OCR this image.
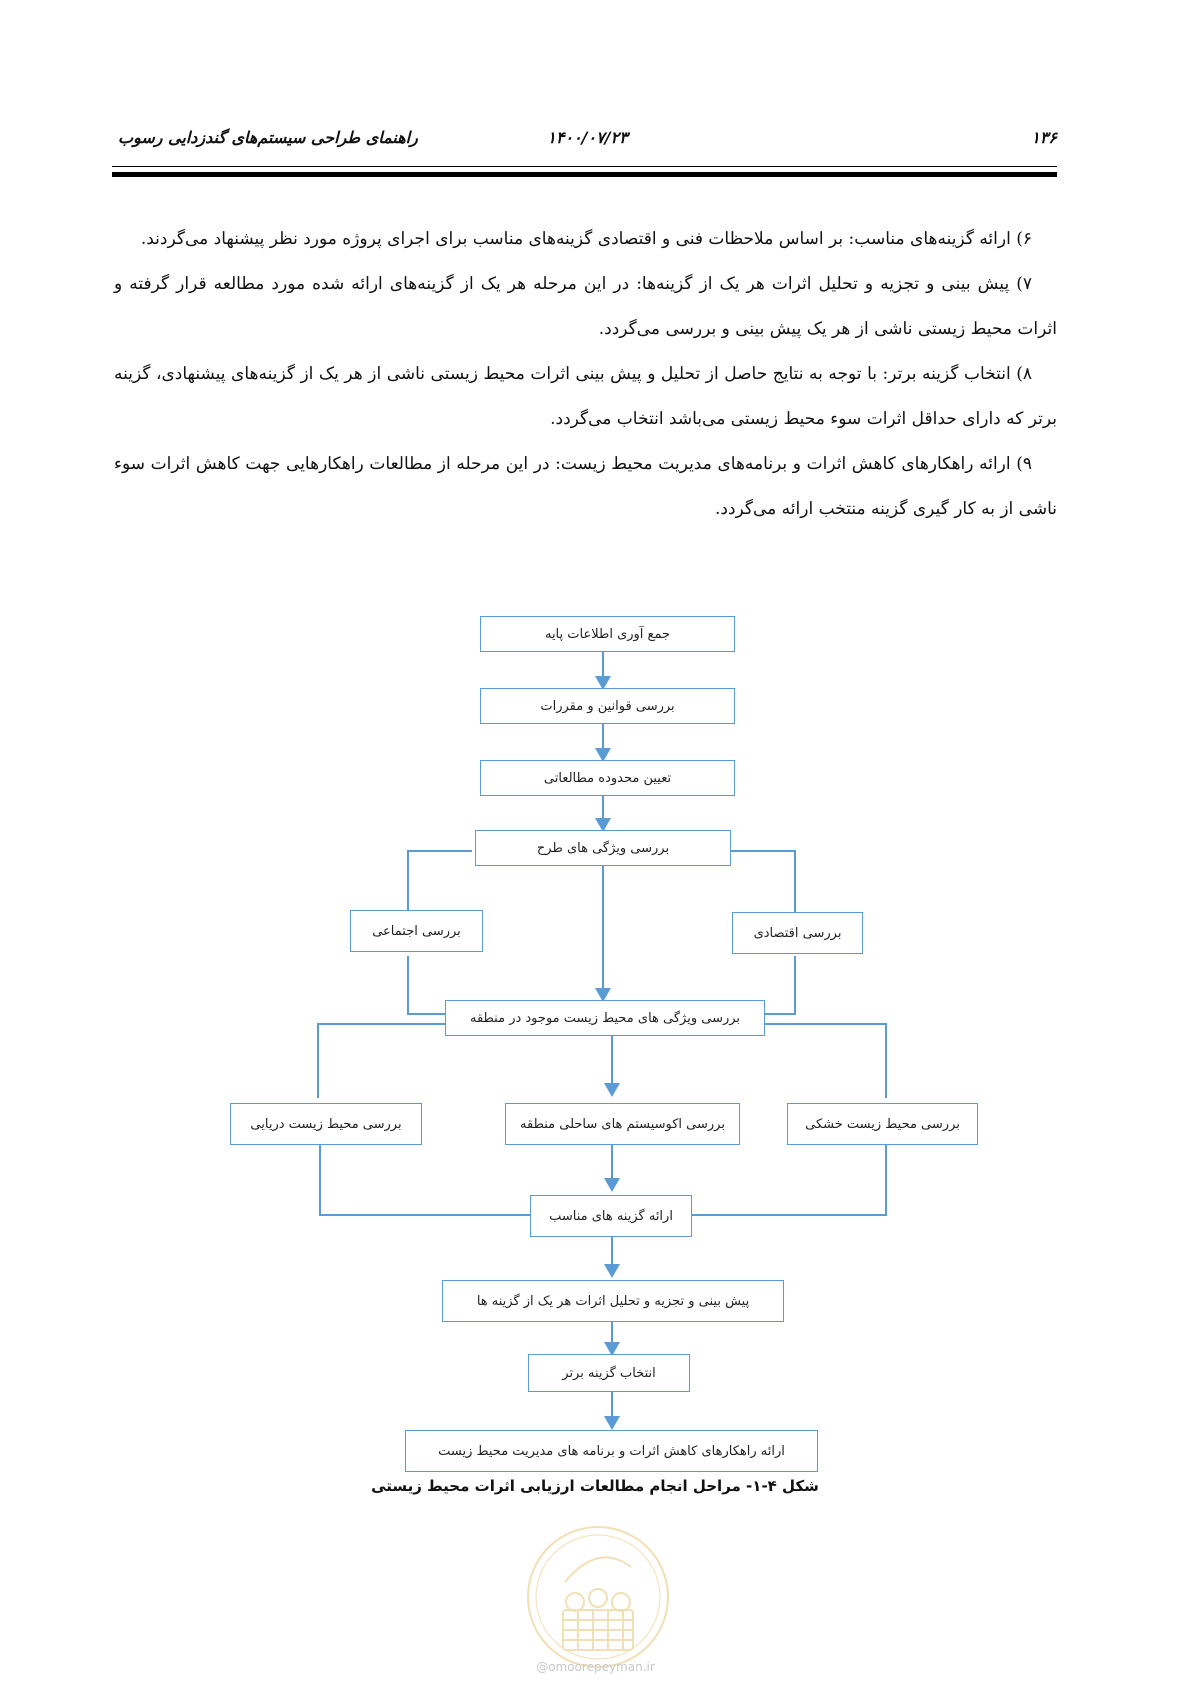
راهنمای طراحی سیستم‌های گندزدایی رسوب	۱۴۰۰/۰۷/۲۳	۱۳۶

۶) ارائه گزینه‌های مناسب: بر اساس ملاحظات فنی و اقتصادی گزینه‌های مناسب برای اجرای پروژه مورد نظر پیشنهاد می‌گردند.

۷) پیش بینی و تجزیه و تحلیل اثرات هر یک از گزینه‌ها: در این مرحله هر یک از گزینه‌های ارائه شده مورد مطالعه قرار گرفته و اثرات محیط زیستی ناشی از هر یک پیش بینی و بررسی می‌گردد.

۸) انتخاب گزینه برتر: با توجه به نتایج حاصل از تحلیل و پیش بینی اثرات محیط زیستی ناشی از هر یک از گزینه‌های پیشنهادی، گزینه برتر که دارای حداقل اثرات سوء محیط زیستی می‌باشد انتخاب می‌گردد.

۹) ارائه راهکارهای کاهش اثرات و برنامه‌های مدیریت محیط زیست: در این مرحله از مطالعات راهکارهایی جهت کاهش اثرات سوء ناشی از به کار گیری گزینه منتخب ارائه می‌گردد.

جمع آوری اطلاعات پایه
بررسی قوانین و مقررات
تعیین محدوده مطالعاتی
بررسی ویژگی های طرح
بررسی اجتماعی	بررسی اقتصادی
بررسی ویژگی های محیط زیست موجود در منطقه
بررسی محیط زیست دریایی	بررسی اکوسیستم های ساحلی منطقه	بررسی محیط زیست خشکی
ارائه گزینه های مناسب
پیش بینی و تجزیه و تحلیل اثرات هر یک از گزینه ها
انتخاب گزینه برتر
ارائه راهکارهای کاهش اثرات و برنامه های مدیریت محیط زیست
شکل ۴-۱- مراحل انجام مطالعات ارزیابی اثرات محیط زیستی
@omoorepeyman.ir
